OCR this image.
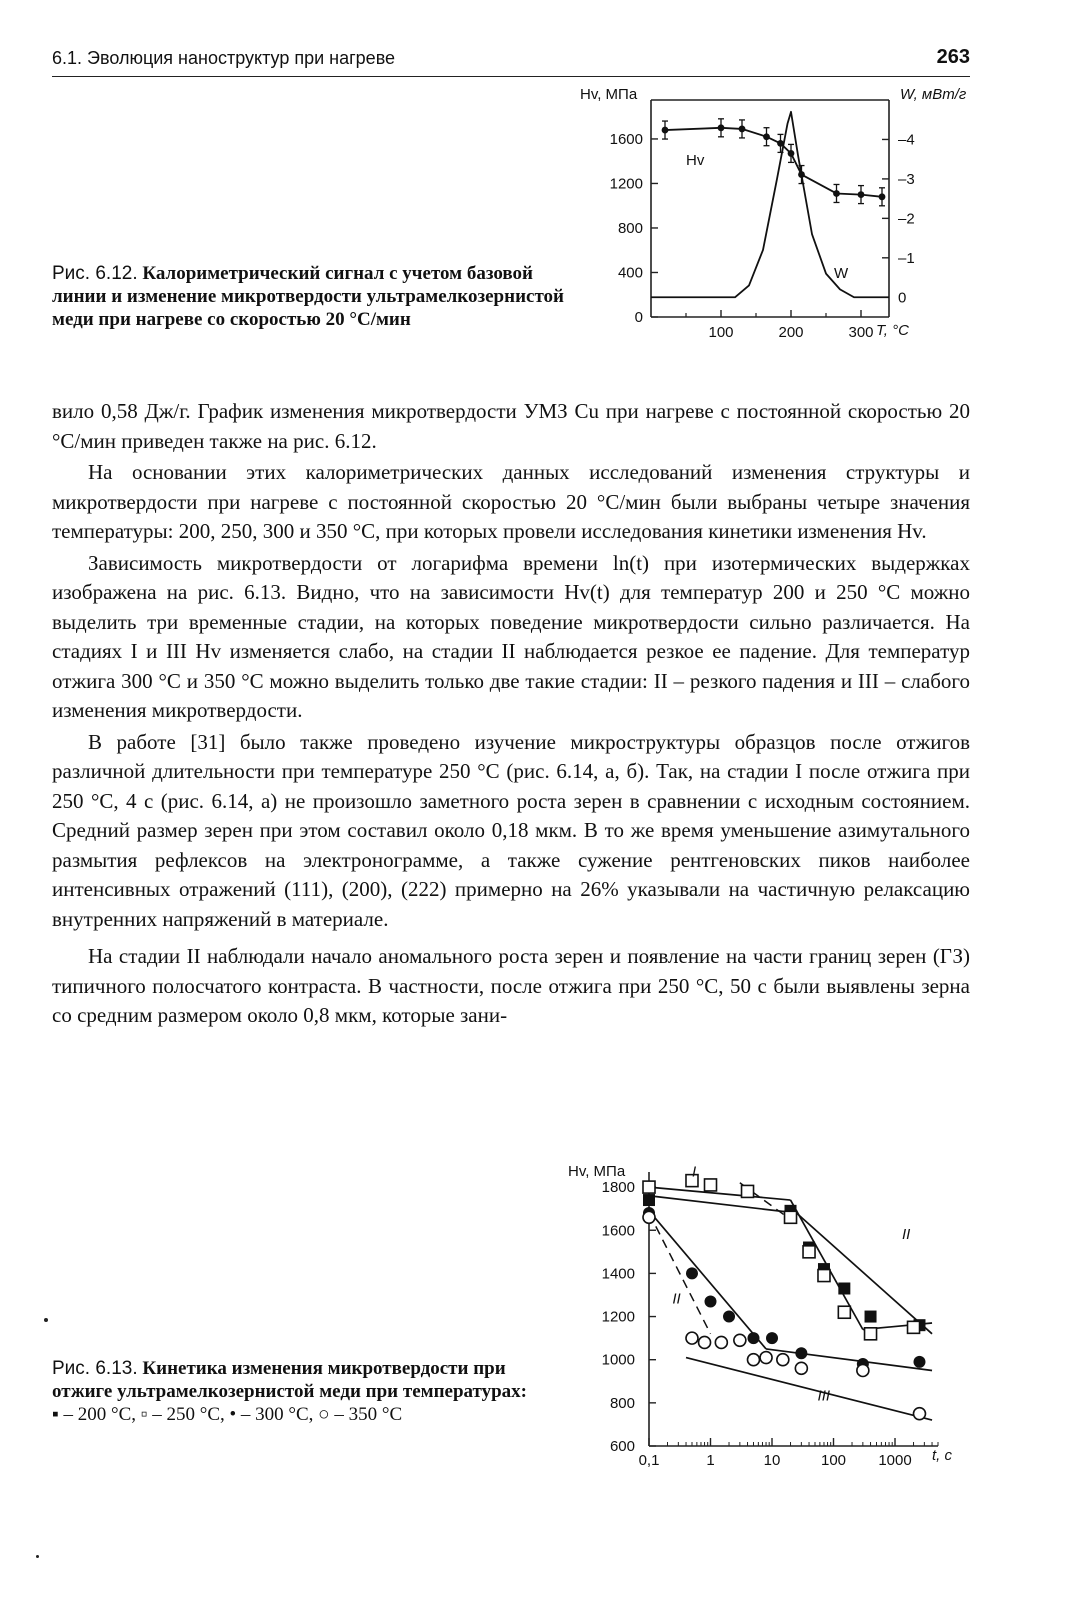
6.1. Эволюция наноструктур при нагреве	263
Рис. 6.12. Калориметрический сигнал с учетом базовой линии и изменение микротвердости ультрамелкозернистой меди при нагреве со скоростью 20 °С/мин
100	200	300
0
400
800
1200
1600
0
–1
–2
–3
–4
Hv, МПа	W, мВт/г
T, °C
Hv
W

вило 0,58 Дж/г. График изменения микротвердости УМЗ Cu при нагреве с постоянной скоростью 20 °С/мин приведен также на рис. 6.12.

На основании этих калориметрических данных исследований изменения структуры и микротвердости при нагреве с постоянной скоростью 20 °С/мин были выбраны четыре значения температуры: 200, 250, 300 и 350 °С, при которых провели исследования кинетики изменения Hv.

Зависимость микротвердости от логарифма времени ln(t) при изотермических выдержках изображена на рис. 6.13. Видно, что на зависимости Hv(t) для температур 200 и 250 °С можно выделить три временные стадии, на которых поведение микротвердости сильно различается. На стадиях I и III Hv изменяется слабо, на стадии II наблюдается резкое ее падение. Для температур отжига 300 °С и 350 °С можно выделить только две такие стадии: II – резкого падения и III – слабого изменения микротвердости.

В работе [31] было также проведено изучение микроструктуры образцов после отжигов различной длительности при температуре 250 °С (рис. 6.14, а, б). Так, на стадии I после отжига при 250 °С, 4 с (рис. 6.14, а) не произошло заметного роста зерен в сравнении с исходным состоянием. Средний размер зерен при этом составил около 0,18 мкм. В то же время уменьшение азимутального размытия рефлексов на электронограмме, а также сужение рентгеновских пиков наиболее интенсивных отражений (111), (200), (222) примерно на 26% указывали на частичную релаксацию внутренних напряжений в материале.

На стадии II наблюдали начало аномального роста зерен и появление на части границ зерен (ГЗ) типичного полосчатого контраста. В частности, после отжига при 250 °С, 50 с были выявлены зерна со средним размером около 0,8 мкм, которые зани-

Рис. 6.13. Кинетика изменения микротвердости при отжиге ультрамелкозернистой меди при температурах:
▪ – 200 °С, ▫ – 250 °С, • – 300 °С, ○ – 350 °С
0,1	1	10	100 1000
600
800
1000
1200
1400
1600
1800
I
II
II
III
Hv, МПа
t, с
